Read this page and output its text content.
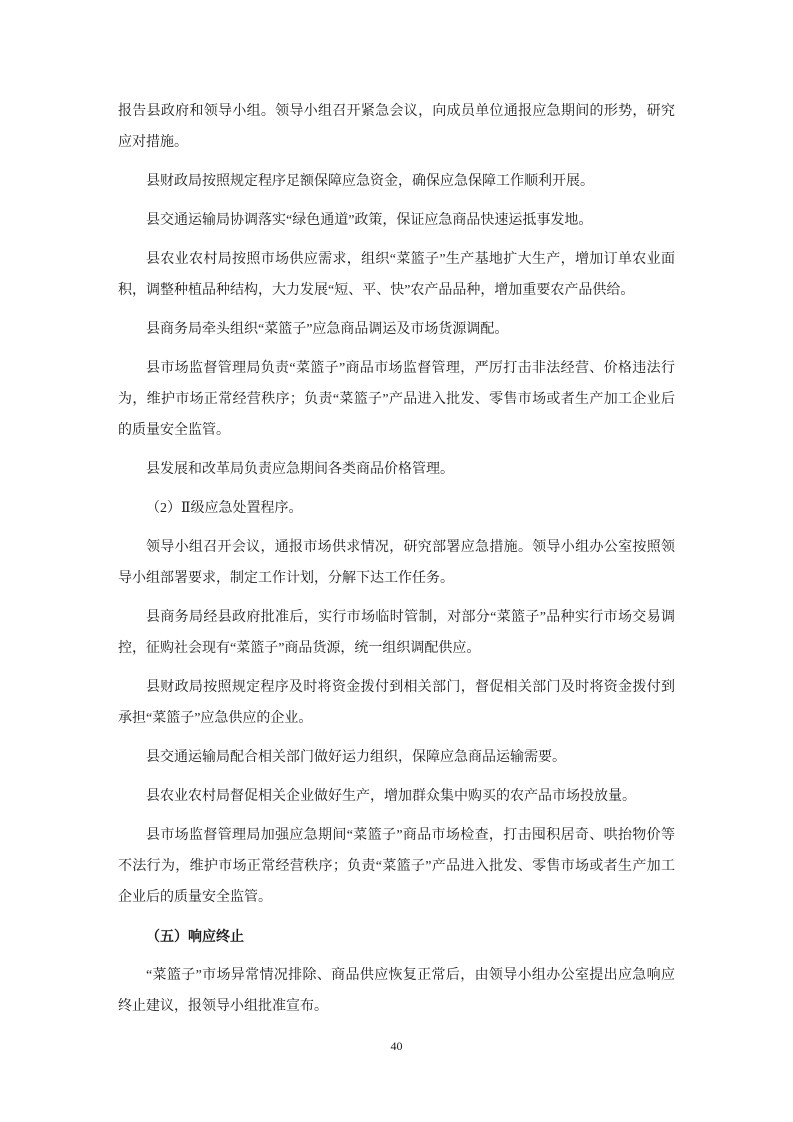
报告县政府和领导小组。领导小组召开紧急会议，向成员单位通报应急期间的形势，研究应对措施。

县财政局按照规定程序足额保障应急资金，确保应急保障工作顺利开展。

县交通运输局协调落实“绿色通道”政策，保证应急商品快速运抵事发地。

县农业农村局按照市场供应需求，组织“菜篮子”生产基地扩大生产，增加订单农业面积，调整种植品种结构，大力发展“短、平、快”农产品品种，增加重要农产品供给。

县商务局牵头组织“菜篮子”应急商品调运及市场货源调配。

县市场监督管理局负责“菜篮子”商品市场监督管理，严厉打击非法经营、价格违法行为，维护市场正常经营秩序；负责“菜篮子”产品进入批发、零售市场或者生产加工企业后的质量安全监管。

县发展和改革局负责应急期间各类商品价格管理。

（2）Ⅱ级应急处置程序。

领导小组召开会议，通报市场供求情况，研究部署应急措施。领导小组办公室按照领导小组部署要求，制定工作计划，分解下达工作任务。

县商务局经县政府批准后，实行市场临时管制，对部分“菜篮子”品种实行市场交易调控，征购社会现有“菜篮子”商品货源，统一组织调配供应。

县财政局按照规定程序及时将资金拨付到相关部门，督促相关部门及时将资金拨付到承担“菜篮子”应急供应的企业。

县交通运输局配合相关部门做好运力组织，保障应急商品运输需要。

县农业农村局督促相关企业做好生产，增加群众集中购买的农产品市场投放量。

县市场监督管理局加强应急期间“菜篮子”商品市场检查，打击囤积居奇、哄抬物价等不法行为，维护市场正常经营秩序；负责“菜篮子”产品进入批发、零售市场或者生产加工企业后的质量安全监管。

（五）响应终止

“菜篮子”市场异常情况排除、商品供应恢复正常后，由领导小组办公室提出应急响应终止建议，报领导小组批准宣布。

40
